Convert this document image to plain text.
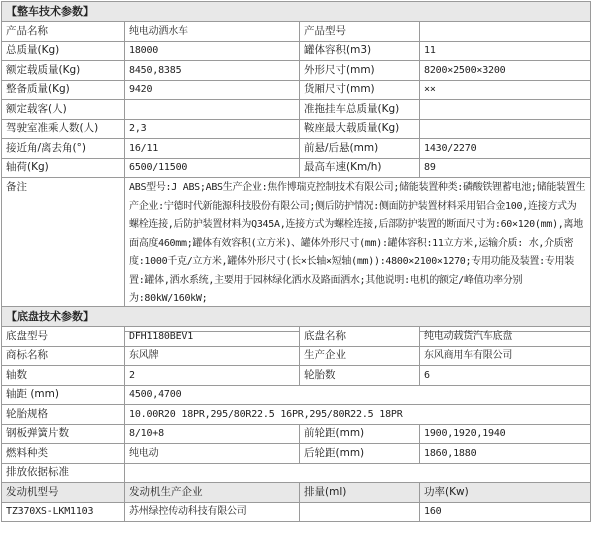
【整车技术参数】			
产品名称	纯电动洒水车	产品型号	
总质量(Kg)	18000	罐体容积(m3)	11
额定载质量(Kg)	8450,8385	外形尺寸(mm)	8200×2500×3200
整备质量(Kg)	9420	货厢尺寸(mm)	××
额定载客(人)		准拖挂车总质量(Kg)	
驾驶室准乘人数(人)	2,3	鞍座最大载质量(Kg)	
接近角/离去角(°)	16/11	前悬/后悬(mm)	1430/2270
轴荷(Kg)	6500/11500	最高车速(Km/h)	89
备注	ABS型号:J ABS;ABS生产企业:焦作博瑞克控制技术有限公司;储能装置种类:磷酸铁锂蓄电池;储能装置生产企业:宁德时代新能源科技股份有限公司;侧后防护情况:侧面防护装置材料采用铝合金100,连接方式为螺栓连接,后防护装置材料为Q345A,连接方式为螺栓连接,后部防护装置的断面尺寸为:60×120(mm),离地面高度460mm;罐体有效容积(立方米)、罐体外形尺寸(mm):罐体容积:11立方米,运输介质: 水,介质密度:1000千克/立方米,罐体外形尺寸(长×长轴×短轴(mm)):4800×2100×1270;专用功能及装置:专用装置:罐体,洒水系统,主要用于园林绿化洒水及路面洒水;其他说明:电机的额定/峰值功率分别为:80kW/160kW;		
【底盘技术参数】			
底盘型号	DFH1180BEV1	底盘名称	纯电动载货汽车底盘
商标名称	东风牌	生产企业	东风商用车有限公司
轴数	2	轮胎数	6
轴距 (mm)	4500,4700		
轮胎规格	10.00R20 18PR,295/80R22.5 16PR,295/80R22.5 18PR		
钢板弹簧片数	8/10+8	前轮距(mm)	1900,1920,1940
燃料种类	纯电动	后轮距(mm)	1860,1880
排放依据标准			
发动机型号	发动机生产企业	排量(ml)	功率(Kw)
TZ370XS-LKM1103	苏州绿控传动科技有限公司		160
